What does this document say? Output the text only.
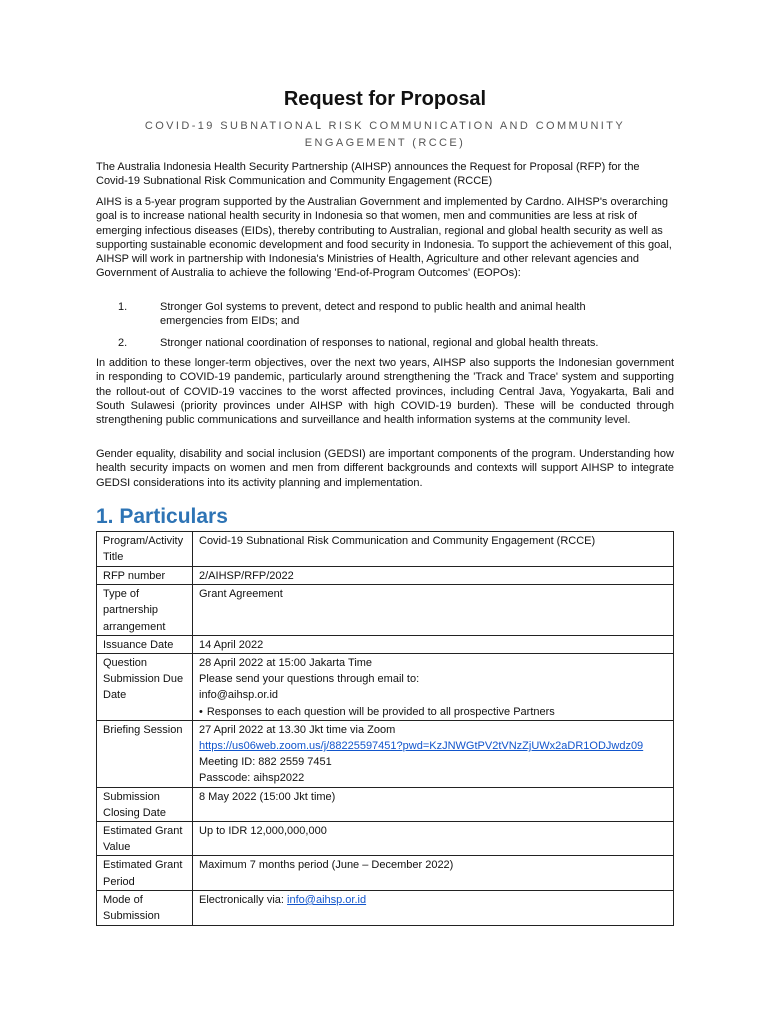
Request for Proposal

COVID-19 SUBNATIONAL RISK COMMUNICATION AND COMMUNITY ENGAGEMENT (RCCE)

The Australia Indonesia Health Security Partnership (AIHSP) announces the Request for Proposal (RFP) for the Covid-19 Subnational Risk Communication and Community Engagement (RCCE)

AIHS is a 5-year program supported by the Australian Government and implemented by Cardno. AIHSP's overarching goal is to increase national health security in Indonesia so that women, men and communities are less at risk of emerging infectious diseases (EIDs), thereby contributing to Australian, regional and global health security as well as supporting sustainable economic development and food security in Indonesia. To support the achievement of this goal, AIHSP will work in partnership with Indonesia's Ministries of Health, Agriculture and other relevant agencies and Government of Australia to achieve the following 'End-of-Program Outcomes' (EOPOs):

1.	Stronger GoI systems to prevent, detect and respond to public health and animal health emergencies from EIDs; and
2.	Stronger national coordination of responses to national, regional and global health threats.

In addition to these longer-term objectives, over the next two years, AIHSP also supports the Indonesian government in responding to COVID-19 pandemic, particularly around strengthening the 'Track and Trace' system and supporting the rollout-out of COVID-19 vaccines to the worst affected provinces, including Central Java, Yogyakarta, Bali and South Sulawesi (priority provinces under AIHSP with high COVID-19 burden). These will be conducted through strengthening public communications and surveillance and health information systems at the community level.

Gender equality, disability and social inclusion (GEDSI) are important components of the program. Understanding how health security impacts on women and men from different backgrounds and contexts will support AIHSP to integrate GEDSI considerations into its activity planning and implementation.

1. Particulars
Program/Activity Title	Covid-19 Subnational Risk Communication and Community Engagement (RCCE)
RFP number	2/AIHSP/RFP/2022
Type of partnership arrangement	Grant Agreement
Issuance Date	14 April 2022
Question Submission Due Date	28 April 2022 at 15:00 Jakarta Time
Please send your questions through email to:
info@aihsp.or.id
• Responses to each question will be provided to all prospective Partners

Briefing Session	27 April 2022 at 13.30 Jkt time via Zoom
https://us06web.zoom.us/j/88225597451?pwd=KzJNWGtPV2tVNzZjUWx2aDR1ODJwdz09
Meeting ID: 882 2559 7451
Passcode: aihsp2022

Submission Closing Date	8 May 2022 (15:00 Jkt time)
Estimated Grant Value	Up to IDR 12,000,000,000
Estimated Grant Period	Maximum 7 months period (June – December 2022)
Mode of Submission	Electronically via: info@aihsp.or.id
